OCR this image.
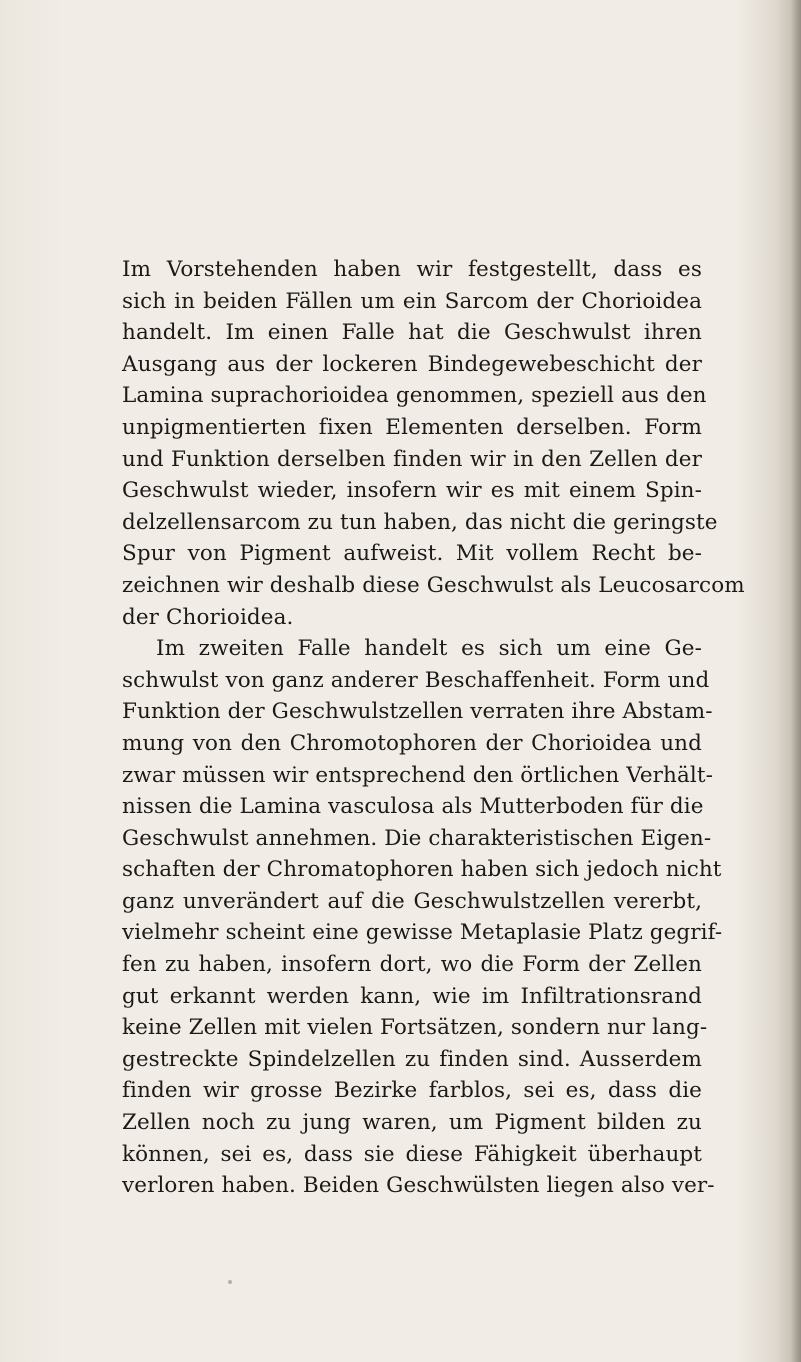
Im Vorstehenden haben wir festgestellt, dass es
sich in beiden Fällen um ein Sarcom der Chorioidea
handelt. Im einen Falle hat die Geschwulst ihren
Ausgang aus der lockeren Bindegewebeschicht der
Lamina suprachorioidea genommen, speziell aus den
unpigmentierten fixen Elementen derselben. Form
und Funktion derselben finden wir in den Zellen der
Geschwulst wieder, insofern wir es mit einem Spin-
delzellensarcom zu tun haben, das nicht die geringste
Spur von Pigment aufweist. Mit vollem Recht be-
zeichnen wir deshalb diese Geschwulst als Leucosarcom
der Chorioidea.
Im zweiten Falle handelt es sich um eine Ge-
schwulst von ganz anderer Beschaffenheit. Form und
Funktion der Geschwulstzellen verraten ihre Abstam-
mung von den Chromotophoren der Chorioidea und
zwar müssen wir entsprechend den örtlichen Verhält-
nissen die Lamina vasculosa als Mutterboden für die
Geschwulst annehmen. Die charakteristischen Eigen-
schaften der Chromatophoren haben sich jedoch nicht
ganz unverändert auf die Geschwulstzellen vererbt,
vielmehr scheint eine gewisse Metaplasie Platz gegrif-
fen zu haben, insofern dort, wo die Form der Zellen
gut erkannt werden kann, wie im Infiltrationsrand
keine Zellen mit vielen Fortsätzen, sondern nur lang-
gestreckte Spindelzellen zu finden sind. Ausserdem
finden wir grosse Bezirke farblos, sei es, dass die
Zellen noch zu jung waren, um Pigment bilden zu
können, sei es, dass sie diese Fähigkeit überhaupt
verloren haben. Beiden Geschwülsten liegen also ver-
